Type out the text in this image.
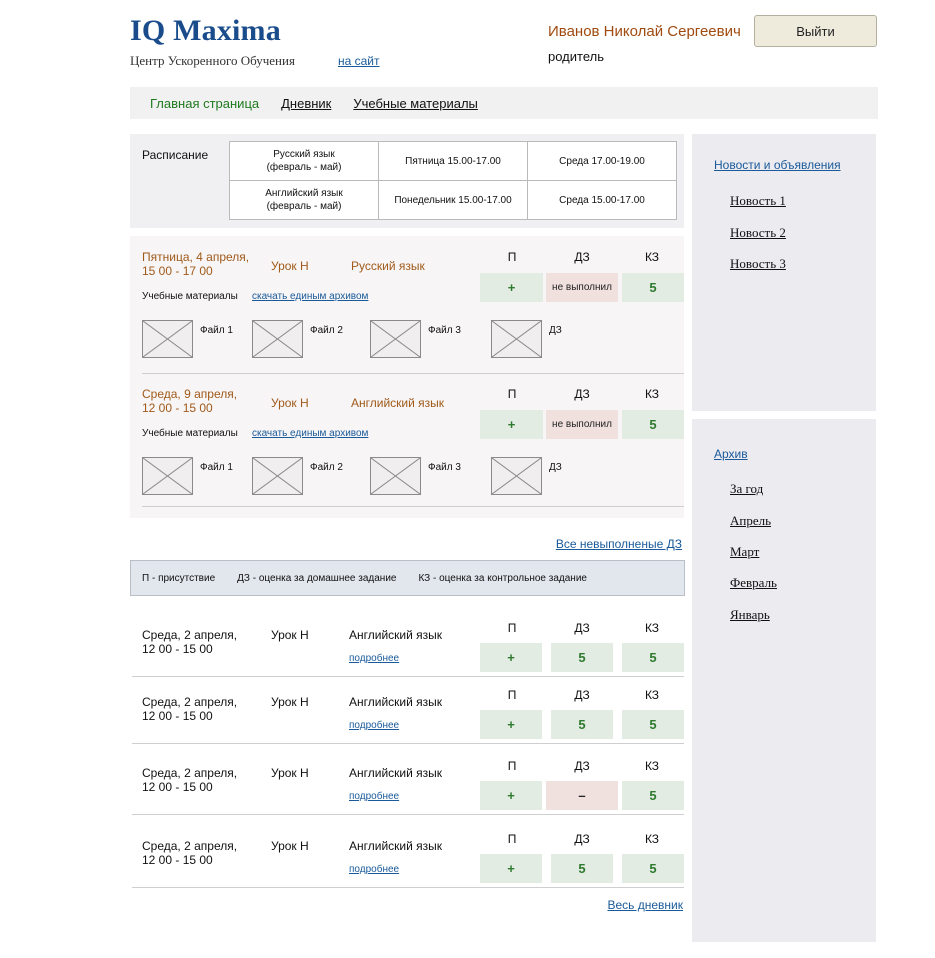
IQ Maxima
Центр Ускоренного Обучения	на сайт
Иванов Николай Сергеевич
родитель
Выйти
Главная страница Дневник Учебные материалы
Расписание	Русский язык
(февраль - май)	Пятница 15.00-17.00	Среда 17.00-19.00
Английский язык
(февраль - май)	Понедельник 15.00-17.00	Среда 15.00-17.00
Пятница, 4 апреля,
15 00 - 17 00	Урок Н	Русский язык
П	ДЗ	КЗ
+	не выполнил	5
Учебные материалы скачать единым архивом
Файл 1	Файл 2	Файл 3	ДЗ
Среда, 9 апреля,
12 00 - 15 00	Урок Н	Английский язык
П	ДЗ	КЗ
+	не выполнил	5
Учебные материалы скачать единым архивом
Файл 1	Файл 2	Файл 3	ДЗ
Все невыполненые ДЗ
П - присутствие ДЗ - оценка за домашнее задание КЗ - оценка за контрольное задание
Среда, 2 апреля,
12 00 - 15 00
Урок Н	Английский язык
подробнее
П	ДЗ	КЗ
+	5	5
Среда, 2 апреля,
12 00 - 15 00
Урок Н	Английский язык
подробнее
П	ДЗ	КЗ
+	5	5
Среда, 2 апреля,
12 00 - 15 00
Урок Н	Английский язык
подробнее
П	ДЗ	КЗ
+	–	5
Среда, 2 апреля,
12 00 - 15 00
Урок Н	Английский язык
подробнее
П	ДЗ	КЗ
+	5	5
Весь дневник
Новости и объявления
Новость 1
Новость 2
Новость 3
Архив
За год
Апрель
Март
Февраль
Январь
